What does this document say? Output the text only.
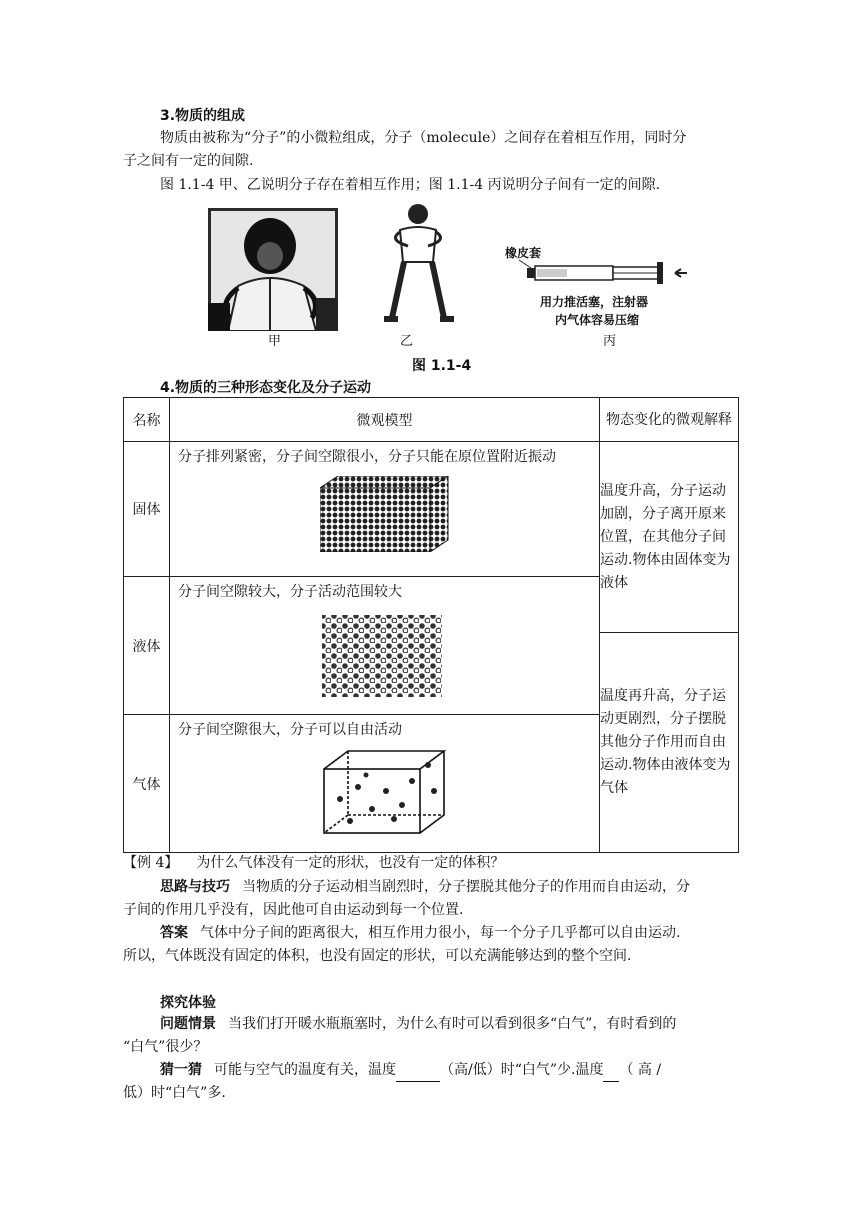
3.物质的组成
物质由被称为“分子”的小微粒组成，分子（molecule）之间存在着相互作用，同时分
子之间有一定的间隙.
图 1.1-4 甲、乙说明分子存在着相互作用；图 1.1-4 丙说明分子间有一定的间隙.
甲	乙
橡皮套
用力推活塞，注射器
内气体容易压缩
丙
图 1.1-4
4.物质的三种形态变化及分子运动
名称	微观模型	物态变化的微观解释
固体	分子排列紧密，分子间空隙很小，分子只能在原位置附近振动	温度升高，分子运动加剧，分子离开原来位置，在其他分子间运动.物体由固体变为液体
液体	分子间空隙较大，分子活动范围较大	

		温度再升高，分子运动更剧烈，分子摆脱其他分子作用而自由运动.物体由液体变为气体
气体	分子间空隙很大，分子可以自由活动	
【例 4】 为什么气体没有一定的形状，也没有一定的体积？
思路与技巧 当物质的分子运动相当剧烈时，分子摆脱其他分子的作用而自由运动，分
子间的作用几乎没有，因此他可自由运动到每一个位置.
答案 气体中分子间的距离很大，相互作用力很小，每一个分子几乎都可以自由运动.
所以，气体既没有固定的体积，也没有固定的形状，可以充满能够达到的整个空间.
探究体验
问题情景 当我们打开暖水瓶瓶塞时，为什么有时可以看到很多“白气”，有时看到的
“白气”很少？
猜一猜 可能与空气的温度有关，温度	（高/低）时“白气”少.温度 （ 高 /
低）时“白气”多.
